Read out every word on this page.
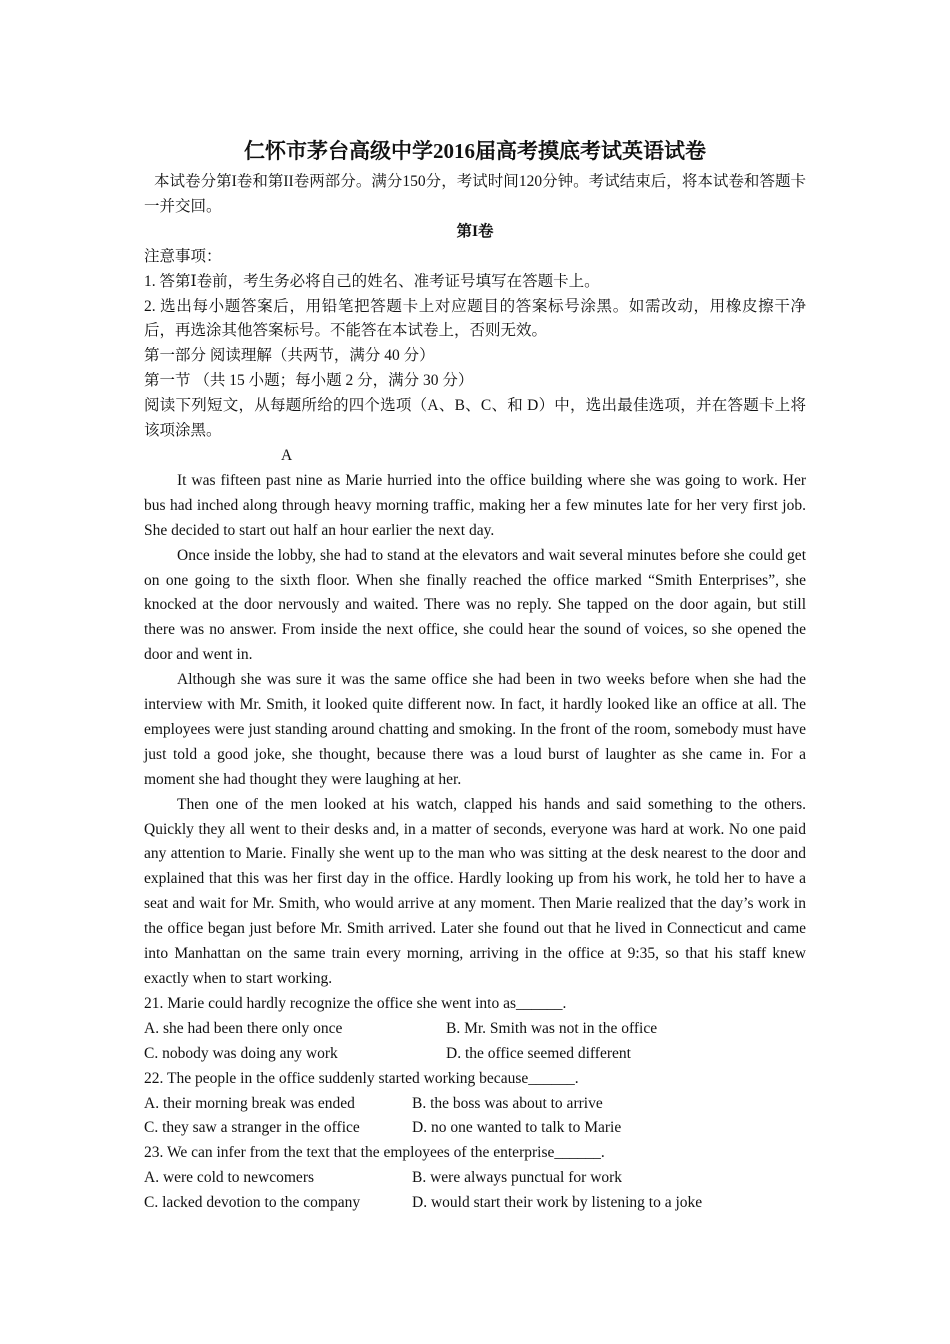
仁怀市茅台高级中学2016届高考摸底考试英语试卷

本试卷分第I卷和第II卷两部分。满分150分，考试时间120分钟。考试结束后，将本试卷和答题卡一并交回。

第I卷

注意事项：

1. 答第Ⅰ卷前，考生务必将自己的姓名、准考证号填写在答题卡上。

2. 选出每小题答案后，用铅笔把答题卡上对应题目的答案标号涂黑。如需改动，用橡皮擦干净后，再选涂其他答案标号。不能答在本试卷上，否则无效。

第一部分 阅读理解（共两节，满分 40 分）

第一节 （共 15 小题；每小题 2 分，满分 30 分）

阅读下列短文，从每题所给的四个选项（A、B、C、和 D）中，选出最佳选项，并在答题卡上将该项涂黑。

A

It was fifteen past nine as Marie hurried into the office building where she was going to work. Her bus had inched along through heavy morning traffic, making her a few minutes late for her very first job. She decided to start out half an hour earlier the next day.

Once inside the lobby, she had to stand at the elevators and wait several minutes before she could get on one going to the sixth floor. When she finally reached the office marked “Smith Enterprises”, she knocked at the door nervously and waited. There was no reply. She tapped on the door again, but still there was no answer. From inside the next office, she could hear the sound of voices, so she opened the door and went in.

Although she was sure it was the same office she had been in two weeks before when she had the interview with Mr. Smith, it looked quite different now. In fact, it hardly looked like an office at all. The employees were just standing around chatting and smoking. In the front of the room, somebody must have just told a good joke, she thought, because there was a loud burst of laughter as she came in. For a moment she had thought they were laughing at her.

Then one of the men looked at his watch, clapped his hands and said something to the others. Quickly they all went to their desks and, in a matter of seconds, everyone was hard at work. No one paid any attention to Marie. Finally she went up to the man who was sitting at the desk nearest to the door and explained that this was her first day in the office. Hardly looking up from his work, he told her to have a seat and wait for Mr. Smith, who would arrive at any moment. Then Marie realized that the day’s work in the office began just before Mr. Smith arrived. Later she found out that he lived in Connecticut and came into Manhattan on the same train every morning, arriving in the office at 9:35, so that his staff knew exactly when to start working.

21. Marie could hardly recognize the office she went into as______.

A. she had been there only once	B. Mr. Smith was not in the office
C. nobody was doing any work	D. the office seemed different

22. The people in the office suddenly started working because______.

A. their morning break was ended	B. the boss was about to arrive
C. they saw a stranger in the office	D. no one wanted to talk to Marie

23. We can infer from the text that the employees of the enterprise______.

A. were cold to newcomers	B. were always punctual for work
C. lacked devotion to the company	D. would start their work by listening to a joke
